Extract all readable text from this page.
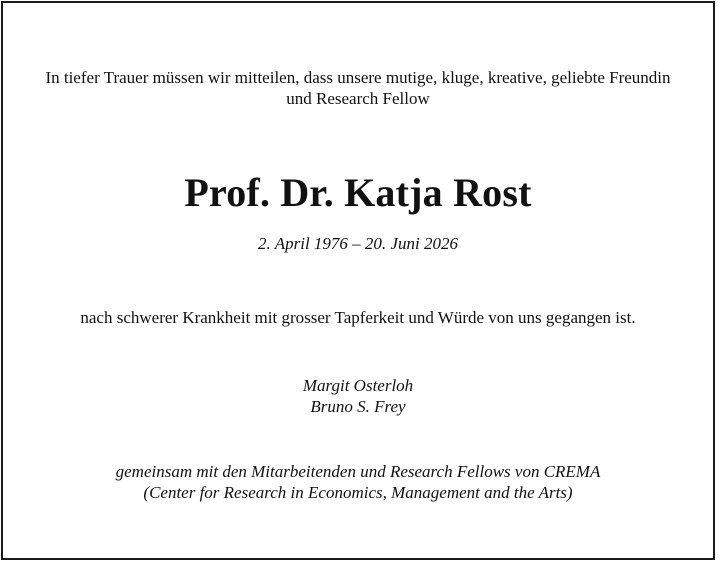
In tiefer Trauer müssen wir mitteilen, dass unsere mutige, kluge, kreative, geliebte Freundin
und Research Fellow
Prof. Dr. Katja Rost
2. April 1976 – 20. Juni 2026
nach schwerer Krankheit mit grosser Tapferkeit und Würde von uns gegangen ist.
Margit Osterloh
Bruno S. Frey
gemeinsam mit den Mitarbeitenden und Research Fellows von CREMA
(Center for Research in Economics, Management and the Arts)
